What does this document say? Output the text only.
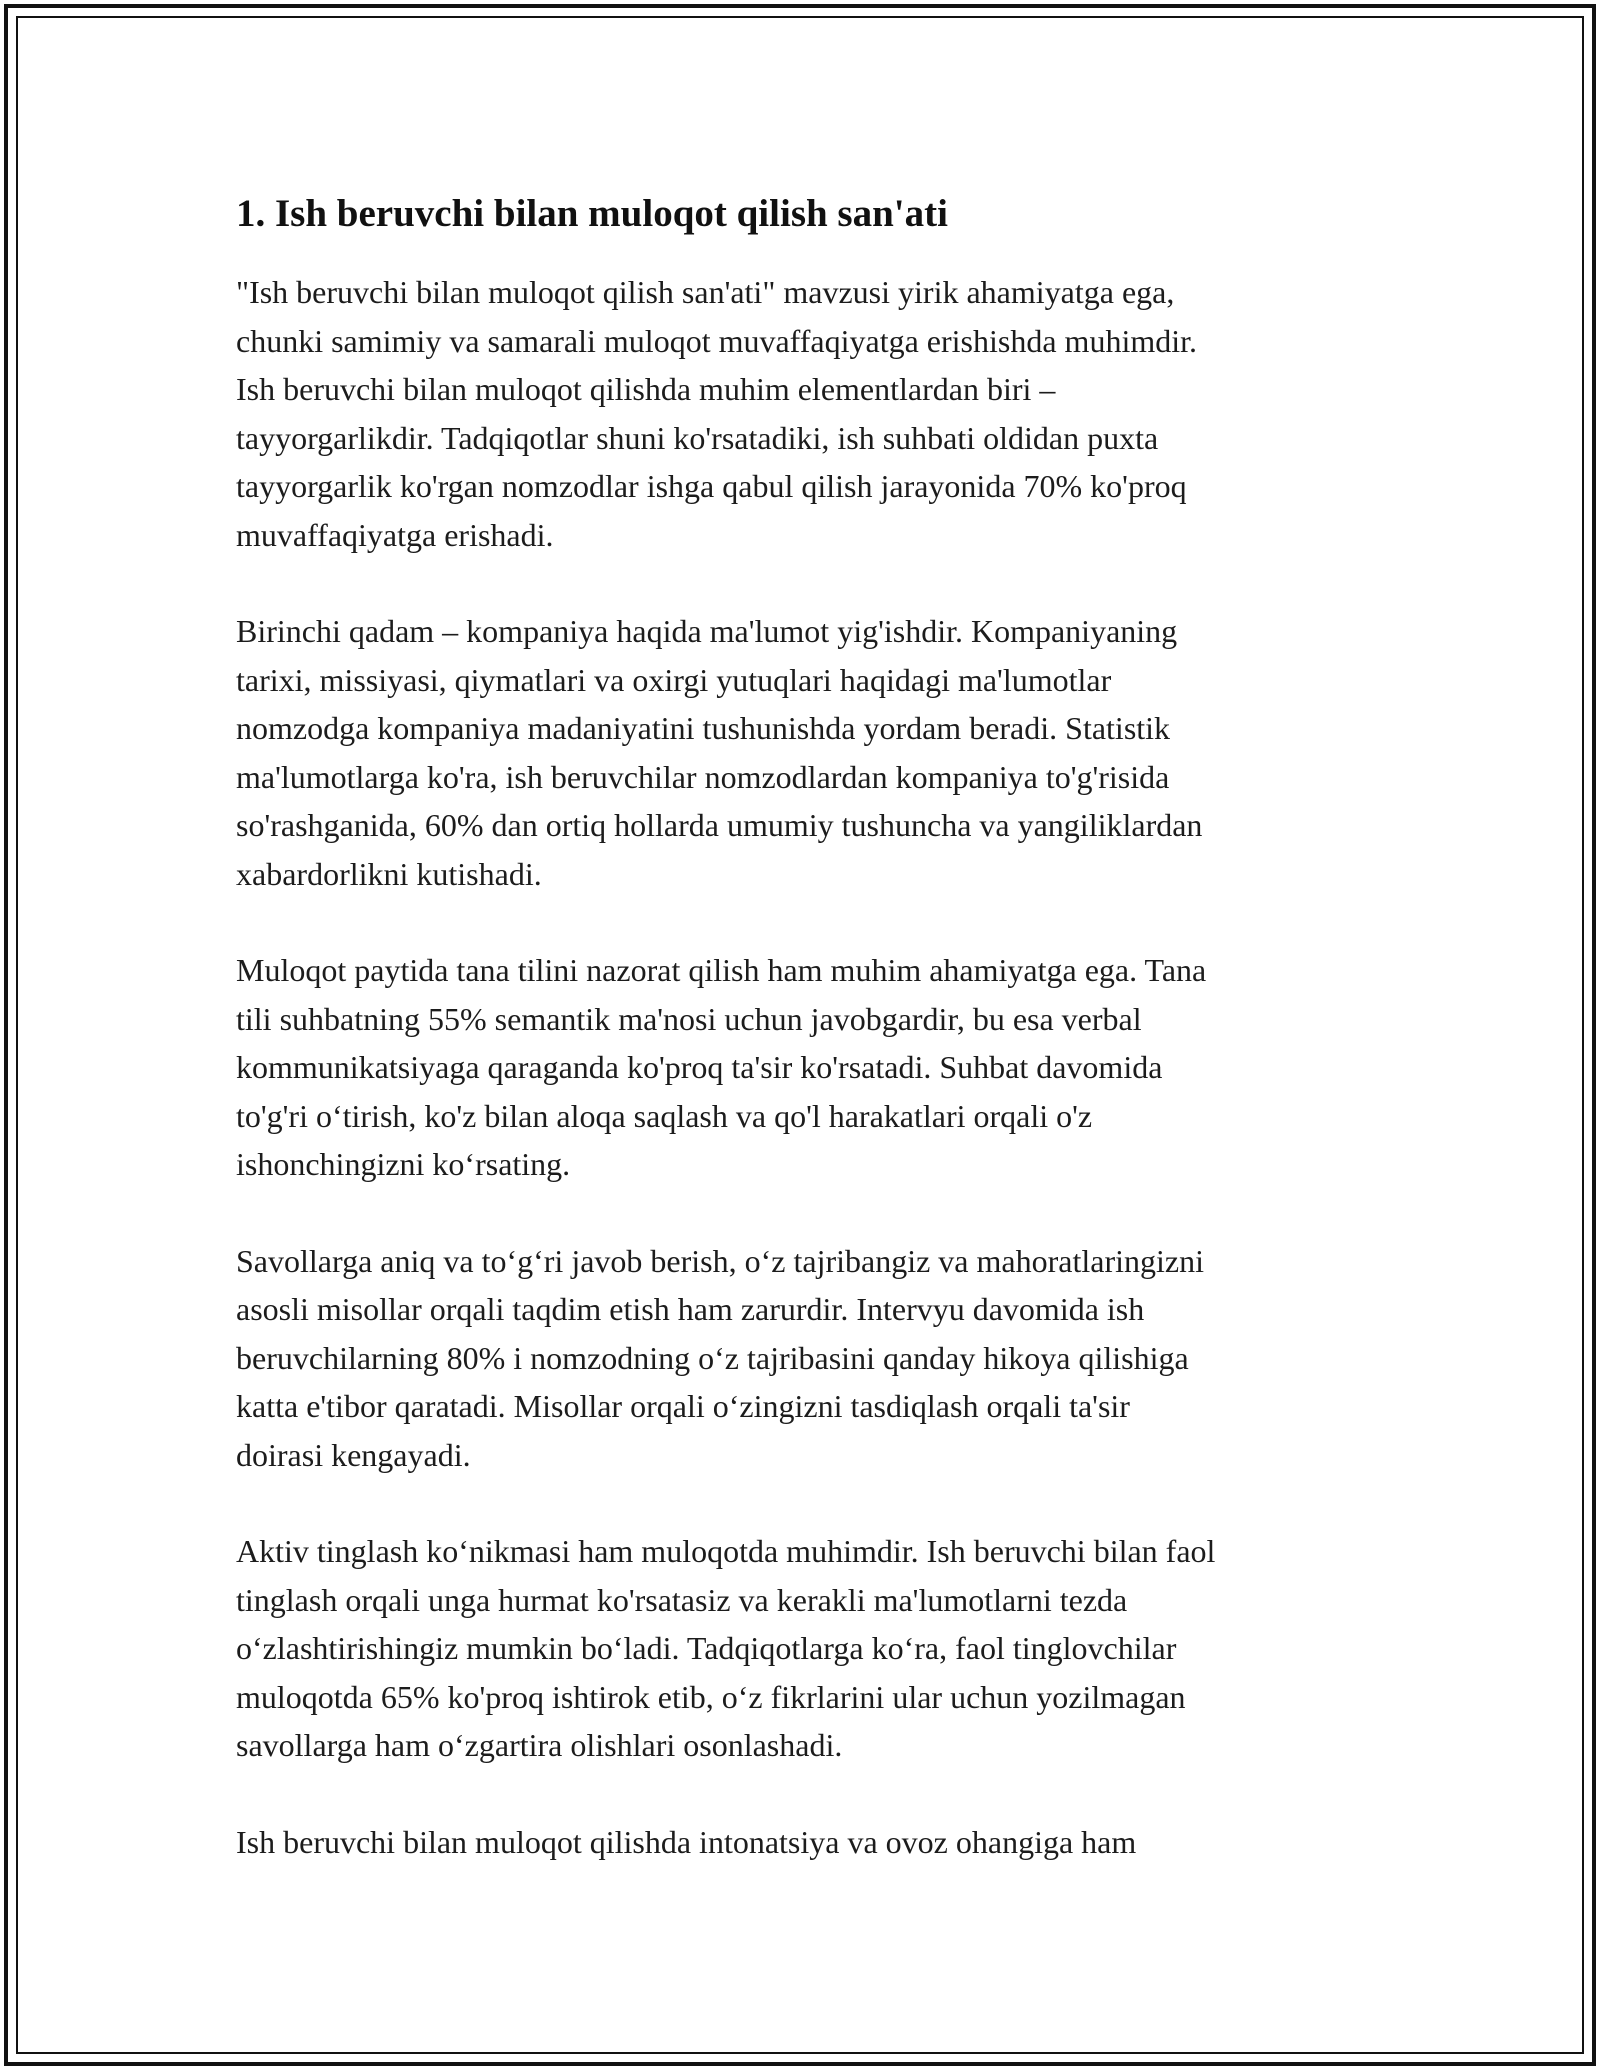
1. Ish beruvchi bilan muloqot qilish san'ati
"Ish beruvchi bilan muloqot qilish san'ati" mavzusi yirik ahamiyatga ega,
chunki samimiy va samarali muloqot muvaffaqiyatga erishishda muhimdir.
Ish beruvchi bilan muloqot qilishda muhim elementlardan biri –
tayyorgarlikdir. Tadqiqotlar shuni ko'rsatadiki, ish suhbati oldidan puxta
tayyorgarlik ko'rgan nomzodlar ishga qabul qilish jarayonida 70% ko'proq
muvaffaqiyatga erishadi.
Birinchi qadam – kompaniya haqida ma'lumot yig'ishdir. Kompaniyaning
tarixi, missiyasi, qiymatlari va oxirgi yutuqlari haqidagi ma'lumotlar
nomzodga kompaniya madaniyatini tushunishda yordam beradi. Statistik
ma'lumotlarga ko'ra, ish beruvchilar nomzodlardan kompaniya to'g'risida
so'rashganida, 60% dan ortiq hollarda umumiy tushuncha va yangiliklardan
xabardorlikni kutishadi.
Muloqot paytida tana tilini nazorat qilish ham muhim ahamiyatga ega. Tana
tili suhbatning 55% semantik ma'nosi uchun javobgardir, bu esa verbal
kommunikatsiyaga qaraganda ko'proq ta'sir ko'rsatadi. Suhbat davomida
to'g'ri o‘tirish, ko'z bilan aloqa saqlash va qo'l harakatlari orqali o'z
ishonchingizni ko‘rsating.
Savollarga aniq va to‘g‘ri javob berish, o‘z tajribangiz va mahoratlaringizni
asosli misollar orqali taqdim etish ham zarurdir. Intervyu davomida ish
beruvchilarning 80% i nomzodning o‘z tajribasini qanday hikoya qilishiga
katta e'tibor qaratadi. Misollar orqali o‘zingizni tasdiqlash orqali ta'sir
doirasi kengayadi.
Aktiv tinglash ko‘nikmasi ham muloqotda muhimdir. Ish beruvchi bilan faol
tinglash orqali unga hurmat ko'rsatasiz va kerakli ma'lumotlarni tezda
o‘zlashtirishingiz mumkin bo‘ladi. Tadqiqotlarga ko‘ra, faol tinglovchilar
muloqotda 65% ko'proq ishtirok etib, o‘z fikrlarini ular uchun yozilmagan
savollarga ham o‘zgartira olishlari osonlashadi.
Ish beruvchi bilan muloqot qilishda intonatsiya va ovoz ohangiga ham
